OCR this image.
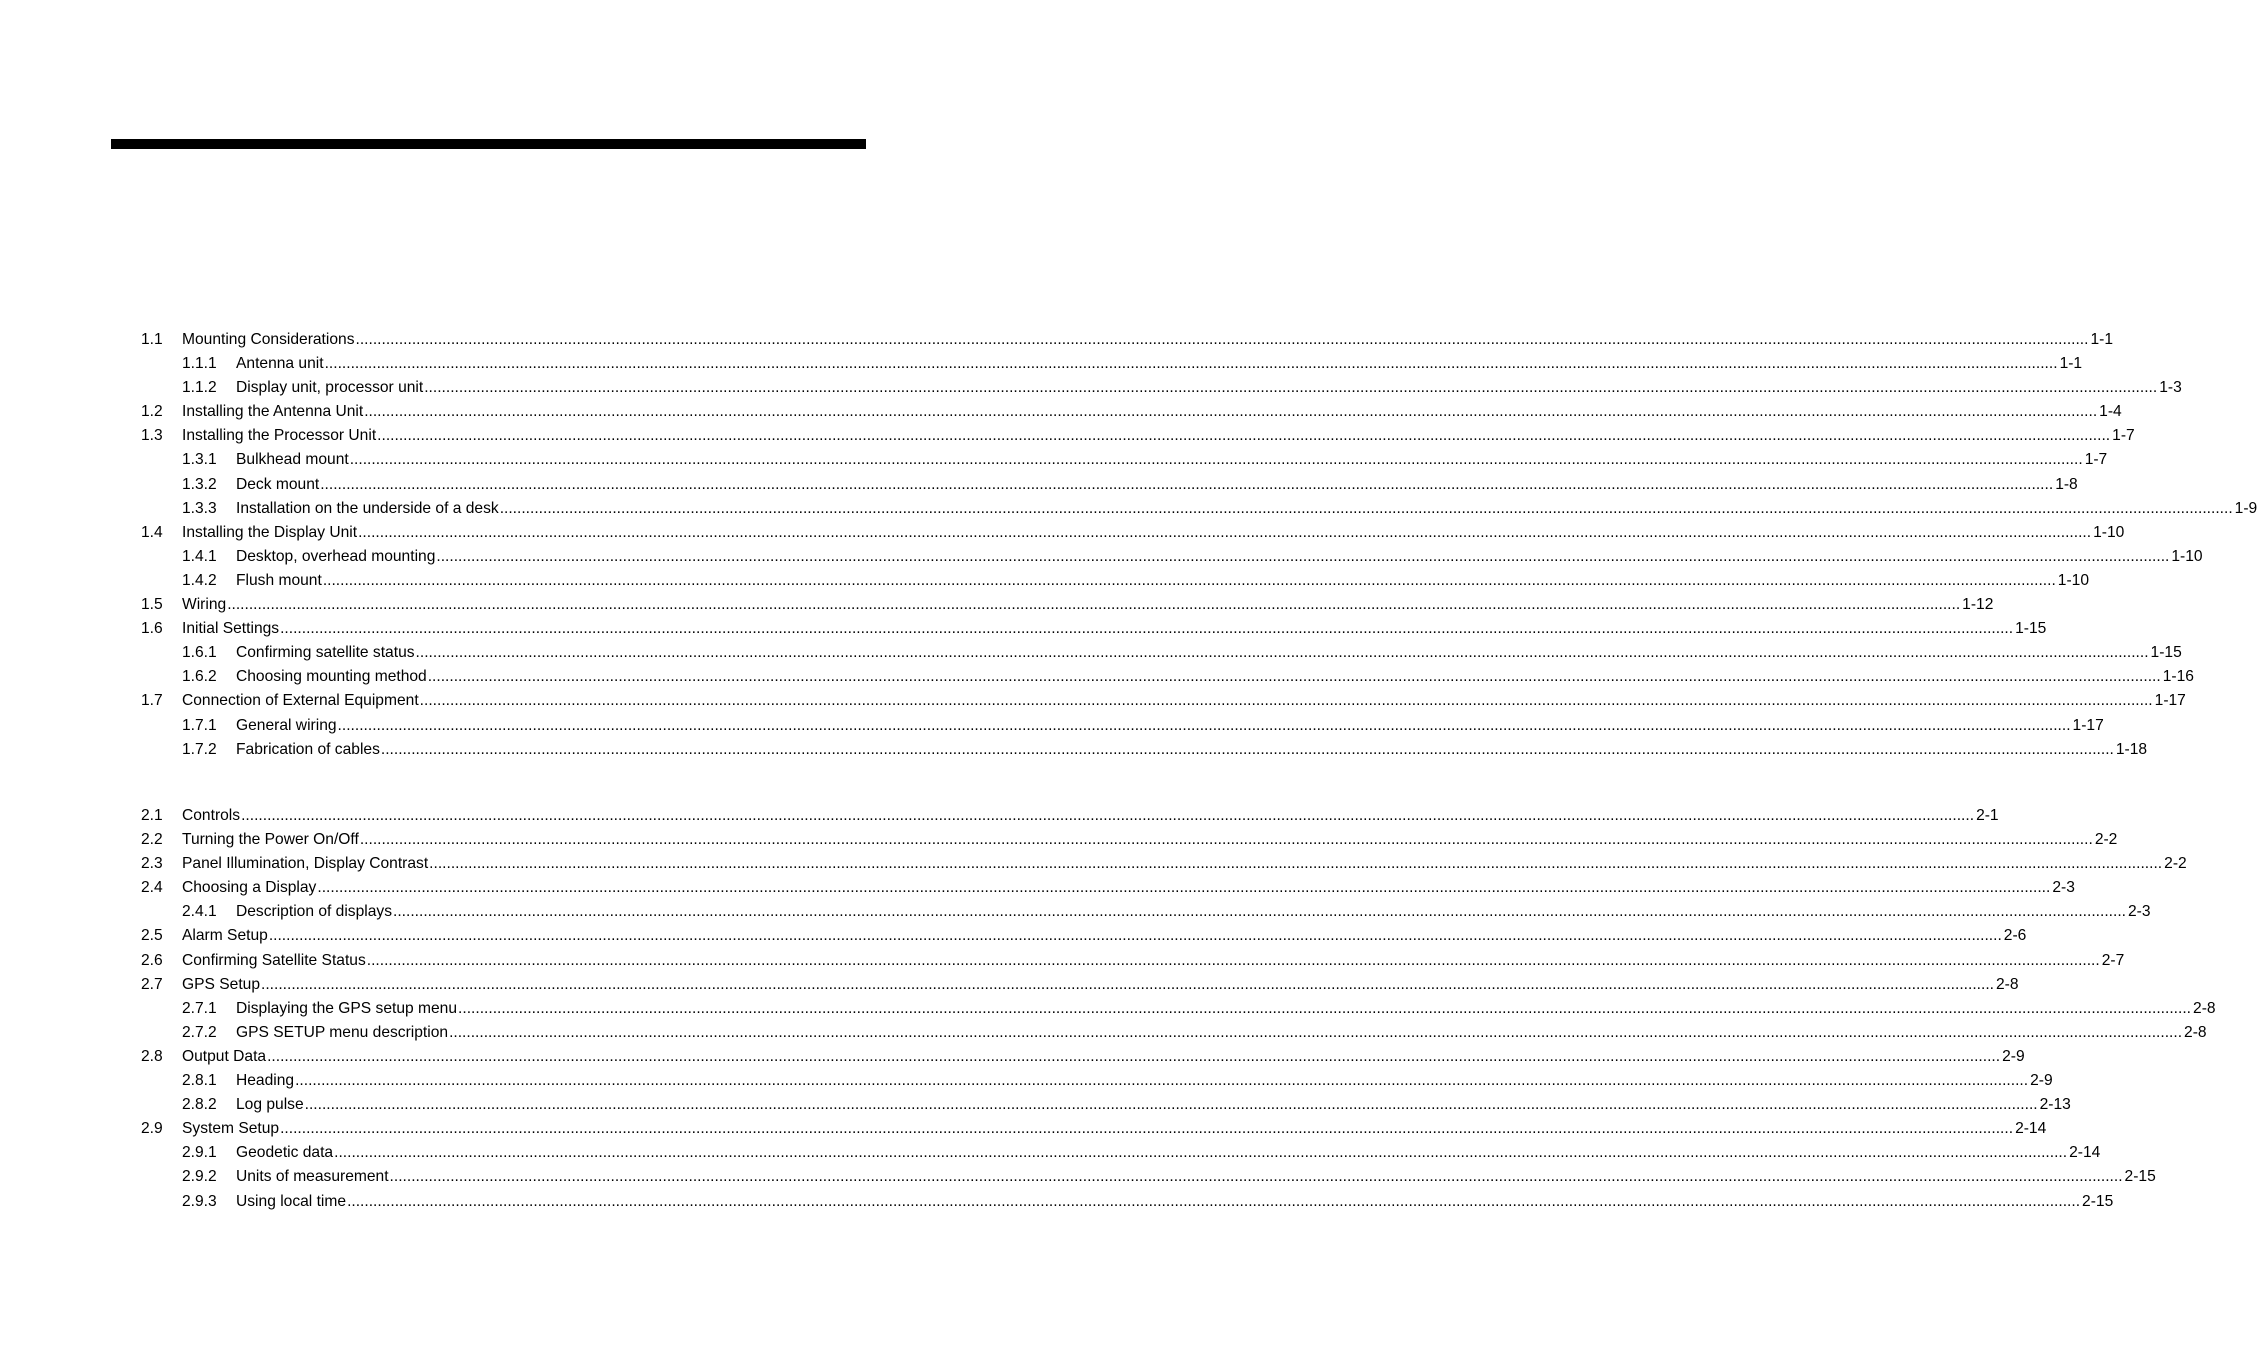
1.1 Mounting Considerations ................................................................................................................................................................................................................................................................................................................................................................................................................ 1-1
1.1.1 Antenna unit ................................................................................................................................................................................................................................................................................................................................................................................................................ 1-1
1.1.2 Display unit, processor unit ................................................................................................................................................................................................................................................................................................................................................................................................................ 1-3
1.2 Installing the Antenna Unit ................................................................................................................................................................................................................................................................................................................................................................................................................ 1-4
1.3 Installing the Processor Unit ................................................................................................................................................................................................................................................................................................................................................................................................................ 1-7
1.3.1 Bulkhead mount ................................................................................................................................................................................................................................................................................................................................................................................................................ 1-7
1.3.2 Deck mount ................................................................................................................................................................................................................................................................................................................................................................................................................ 1-8
1.3.3 Installation on the underside of a desk ................................................................................................................................................................................................................................................................................................................................................................................................................ 1-9
1.4 Installing the Display Unit ................................................................................................................................................................................................................................................................................................................................................................................................................ 1-10
1.4.1 Desktop, overhead mounting ................................................................................................................................................................................................................................................................................................................................................................................................................ 1-10
1.4.2 Flush mount ................................................................................................................................................................................................................................................................................................................................................................................................................ 1-10
1.5 Wiring ................................................................................................................................................................................................................................................................................................................................................................................................................ 1-12
1.6 Initial Settings ................................................................................................................................................................................................................................................................................................................................................................................................................ 1-15
1.6.1 Confirming satellite status ................................................................................................................................................................................................................................................................................................................................................................................................................ 1-15
1.6.2 Choosing mounting method ................................................................................................................................................................................................................................................................................................................................................................................................................ 1-16
1.7 Connection of External Equipment ................................................................................................................................................................................................................................................................................................................................................................................................................ 1-17
1.7.1 General wiring ................................................................................................................................................................................................................................................................................................................................................................................................................ 1-17
1.7.2 Fabrication of cables ................................................................................................................................................................................................................................................................................................................................................................................................................ 1-18
2.1 Controls ................................................................................................................................................................................................................................................................................................................................................................................................................ 2-1
2.2 Turning the Power On/Off ................................................................................................................................................................................................................................................................................................................................................................................................................ 2-2
2.3 Panel Illumination, Display Contrast ................................................................................................................................................................................................................................................................................................................................................................................................................ 2-2
2.4 Choosing a Display ................................................................................................................................................................................................................................................................................................................................................................................................................ 2-3
2.4.1 Description of displays ................................................................................................................................................................................................................................................................................................................................................................................................................ 2-3
2.5 Alarm Setup ................................................................................................................................................................................................................................................................................................................................................................................................................ 2-6
2.6 Confirming Satellite Status ................................................................................................................................................................................................................................................................................................................................................................................................................ 2-7
2.7 GPS Setup ................................................................................................................................................................................................................................................................................................................................................................................................................ 2-8
2.7.1 Displaying the GPS setup menu ................................................................................................................................................................................................................................................................................................................................................................................................................ 2-8
2.7.2 GPS SETUP menu description ................................................................................................................................................................................................................................................................................................................................................................................................................ 2-8
2.8 Output Data ................................................................................................................................................................................................................................................................................................................................................................................................................ 2-9
2.8.1 Heading ................................................................................................................................................................................................................................................................................................................................................................................................................ 2-9
2.8.2 Log pulse ................................................................................................................................................................................................................................................................................................................................................................................................................ 2-13
2.9 System Setup ................................................................................................................................................................................................................................................................................................................................................................................................................ 2-14
2.9.1 Geodetic data ................................................................................................................................................................................................................................................................................................................................................................................................................ 2-14
2.9.2 Units of measurement ................................................................................................................................................................................................................................................................................................................................................................................................................ 2-15
2.9.3 Using local time ................................................................................................................................................................................................................................................................................................................................................................................................................ 2-15
